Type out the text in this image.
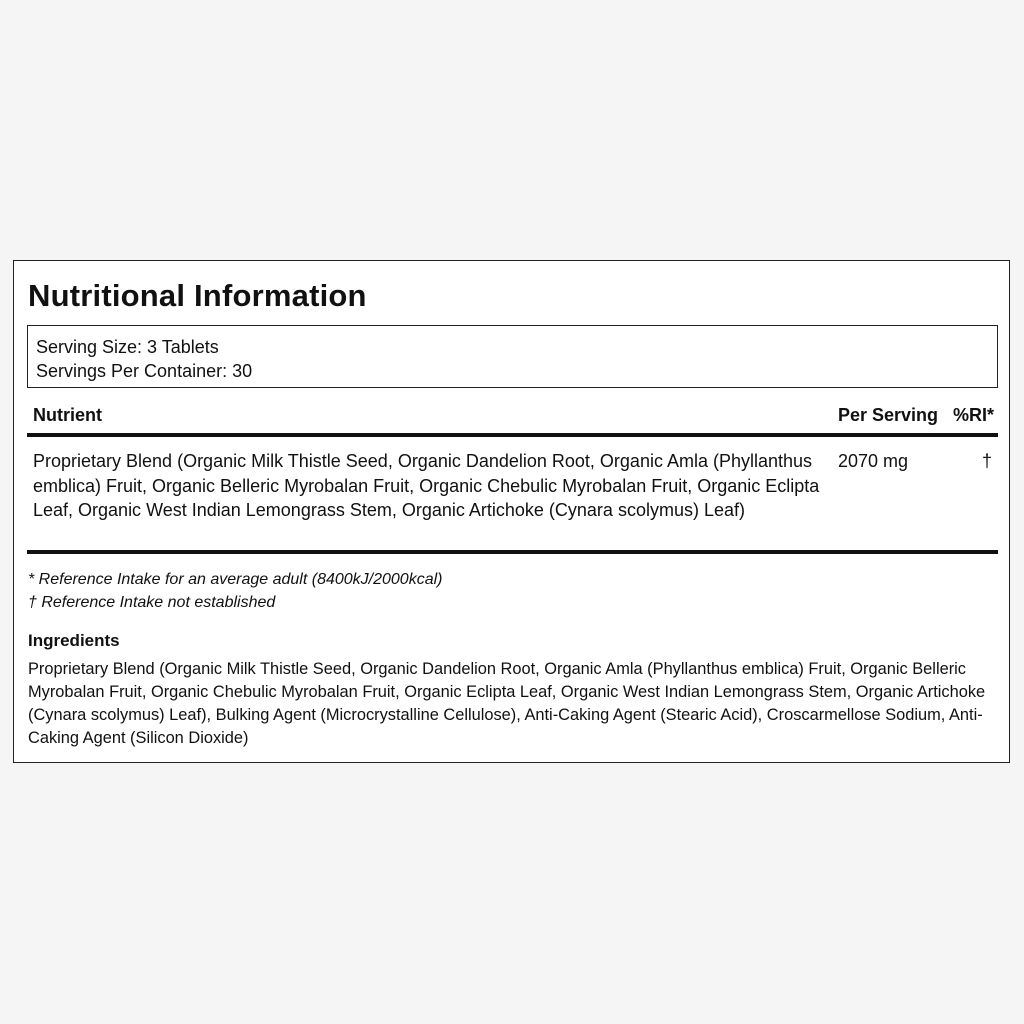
Nutritional Information
Serving Size: 3 Tablets
Servings Per Container: 30
Nutrient	Per Serving %RI*
Proprietary Blend (Organic Milk Thistle Seed, Organic Dandelion Root, Organic Amla (Phyllanthus emblica) Fruit, Organic Belleric Myrobalan Fruit, Organic Chebulic Myrobalan Fruit, Organic Eclipta Leaf, Organic West Indian Lemongrass Stem, Organic Artichoke (Cynara scolymus) Leaf)
2070 mg	†
* Reference Intake for an average adult (8400kJ/2000kcal)
† Reference Intake not established
Ingredients

Proprietary Blend (Organic Milk Thistle Seed, Organic Dandelion Root, Organic Amla (Phyllanthus emblica) Fruit, Organic Belleric Myrobalan Fruit, Organic Chebulic Myrobalan Fruit, Organic Eclipta Leaf, Organic West Indian Lemongrass Stem, Organic Artichoke (Cynara scolymus) Leaf), Bulking Agent (Microcrystalline Cellulose), Anti-Caking Agent (Stearic Acid), Croscarmellose Sodium, Anti-Caking Agent (Silicon Dioxide)
